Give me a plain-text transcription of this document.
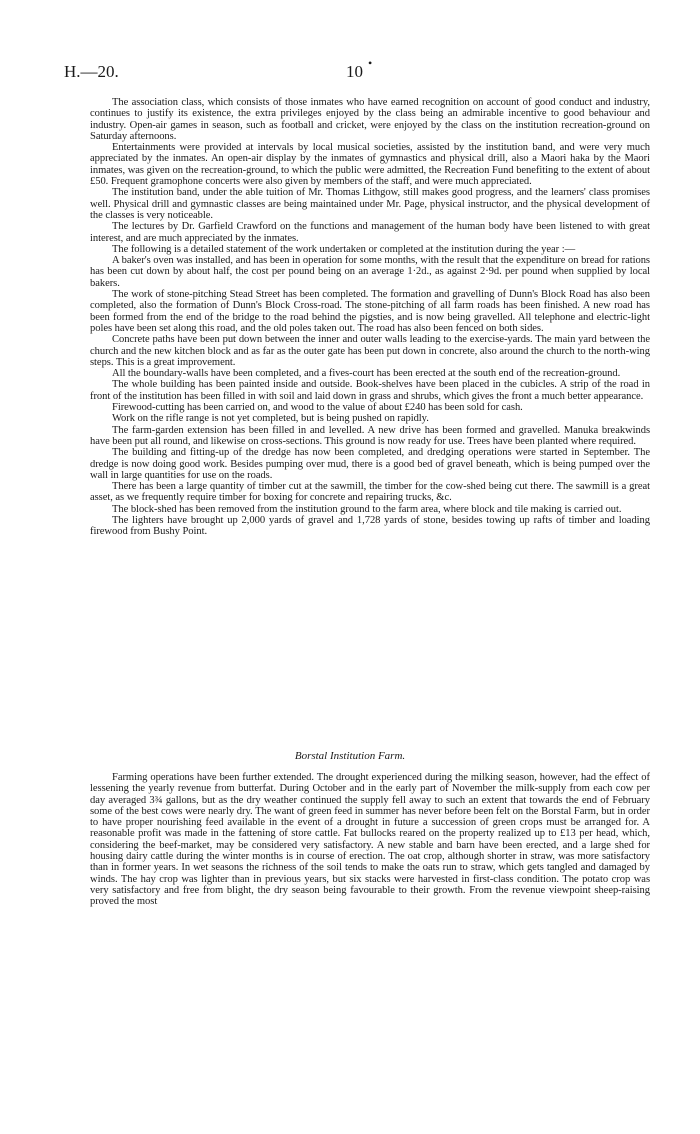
H.—20.	•
10

The association class, which consists of those inmates who have earned recognition on account of good conduct and industry, continues to justify its existence, the extra privileges enjoyed by the class being an admirable incentive to good behaviour and industry. Open-air games in season, such as football and cricket, were enjoyed by the class on the institution recreation-ground on Saturday afternoons.

Entertainments were provided at intervals by local musical societies, assisted by the institution band, and were very much appreciated by the inmates. An open-air display by the inmates of gymnastics and physical drill, also a Maori haka by the Maori inmates, was given on the recreation-ground, to which the public were admitted, the Recreation Fund benefiting to the extent of about £50. Frequent gramophone concerts were also given by members of the staff, and were much appreciated.

The institution band, under the able tuition of Mr. Thomas Lithgow, still makes good progress, and the learners' class promises well. Physical drill and gymnastic classes are being maintained under Mr. Page, physical instructor, and the physical development of the classes is very noticeable.

The lectures by Dr. Garfield Crawford on the functions and management of the human body have been listened to with great interest, and are much appreciated by the inmates.

The following is a detailed statement of the work undertaken or completed at the institution during the year :—

A baker's oven was installed, and has been in operation for some months, with the result that the expenditure on bread for rations has been cut down by about half, the cost per pound being on an average 1·2d., as against 2·9d. per pound when supplied by local bakers.

The work of stone-pitching Stead Street has been completed. The formation and gravelling of Dunn's Block Road has also been completed, also the formation of Dunn's Block Cross-road. The stone-pitching of all farm roads has been finished. A new road has been formed from the end of the bridge to the road behind the pigsties, and is now being gravelled. All telephone and electric-light poles have been set along this road, and the old poles taken out. The road has also been fenced on both sides.

Concrete paths have been put down between the inner and outer walls leading to the exercise-yards. The main yard between the church and the new kitchen block and as far as the outer gate has been put down in concrete, also around the church to the north-wing steps. This is a great improvement.

All the boundary-walls have been completed, and a fives-court has been erected at the south end of the recreation-ground.

The whole building has been painted inside and outside. Book-shelves have been placed in the cubicles. A strip of the road in front of the institution has been filled in with soil and laid down in grass and shrubs, which gives the front a much better appearance.

Firewood-cutting has been carried on, and wood to the value of about £240 has been sold for cash.

Work on the rifle range is not yet completed, but is being pushed on rapidly.

The farm-garden extension has been filled in and levelled. A new drive has been formed and gravelled. Manuka breakwinds have been put all round, and likewise on cross-sections. This ground is now ready for use. Trees have been planted where required.

The building and fitting-up of the dredge has now been completed, and dredging operations were started in September. The dredge is now doing good work. Besides pumping over mud, there is a good bed of gravel beneath, which is being pumped over the wall in large quantities for use on the roads.

There has been a large quantity of timber cut at the sawmill, the timber for the cow-shed being cut there. The sawmill is a great asset, as we frequently require timber for boxing for concrete and repairing trucks, &c.

The block-shed has been removed from the institution ground to the farm area, where block and tile making is carried out.

The lighters have brought up 2,000 yards of gravel and 1,728 yards of stone, besides towing up rafts of timber and loading firewood from Bushy Point.

Borstal Institution Farm.

Farming operations have been further extended. The drought experienced during the milking season, however, had the effect of lessening the yearly revenue from butterfat. During October and in the early part of November the milk-supply from each cow per day averaged 3¾ gallons, but as the dry weather continued the supply fell away to such an extent that towards the end of February some of the best cows were nearly dry. The want of green feed in summer has never before been felt on the Borstal Farm, but in order to have proper nourishing feed available in the event of a drought in future a succession of green crops must be arranged for. A reasonable profit was made in the fattening of store cattle. Fat bullocks reared on the property realized up to £13 per head, which, considering the beef-market, may be considered very satisfactory. A new stable and barn have been erected, and a large shed for housing dairy cattle during the winter months is in course of erection. The oat crop, although shorter in straw, was more satisfactory than in former years. In wet seasons the richness of the soil tends to make the oats run to straw, which gets tangled and damaged by winds. The hay crop was lighter than in previous years, but six stacks were harvested in first-class condition. The potato crop was very satisfactory and free from blight, the dry season being favourable to their growth. From the revenue viewpoint sheep-raising proved the most
